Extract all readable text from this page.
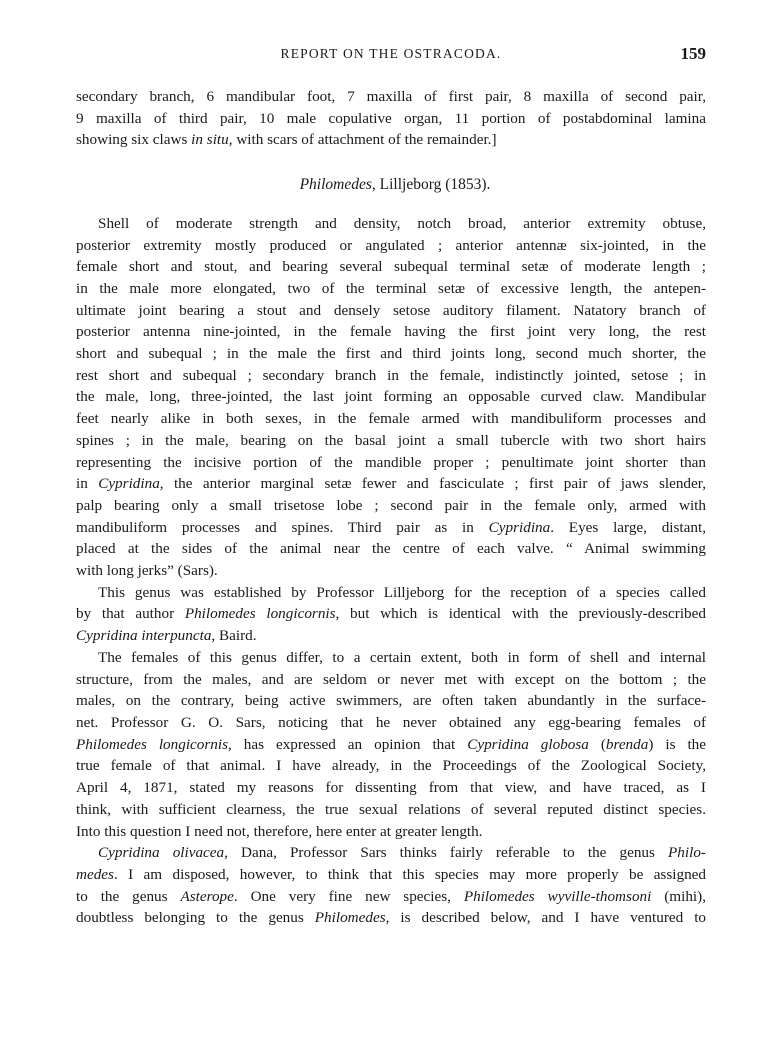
REPORT ON THE OSTRACODA.	159

secondary branch, 6 mandibular foot, 7 maxilla of first pair, 8 maxilla of second pair,
9 maxilla of third pair, 10 male copulative organ, 11 portion of postabdominal lamina
showing six claws in situ, with scars of attachment of the remainder.]

Philomedes, Lilljeborg (1853).

Shell of moderate strength and density, notch broad, anterior extremity obtuse,
posterior extremity mostly produced or angulated ; anterior antennæ six-jointed, in the
female short and stout, and bearing several subequal terminal setæ of moderate length ;
in the male more elongated, two of the terminal setæ of excessive length, the antepen-
ultimate joint bearing a stout and densely setose auditory filament. Natatory branch of
posterior antenna nine-jointed, in the female having the first joint very long, the rest
short and subequal ; in the male the first and third joints long, second much shorter, the
rest short and subequal ; secondary branch in the female, indistinctly jointed, setose ; in
the male, long, three-jointed, the last joint forming an opposable curved claw. Mandibular
feet nearly alike in both sexes, in the female armed with mandibuliform processes and
spines ; in the male, bearing on the basal joint a small tubercle with two short hairs
representing the incisive portion of the mandible proper ; penultimate joint shorter than
in Cypridina, the anterior marginal setæ fewer and fasciculate ; first pair of jaws slender,
palp bearing only a small trisetose lobe ; second pair in the female only, armed with
mandibuliform processes and spines. Third pair as in Cypridina. Eyes large, distant,
placed at the sides of the animal near the centre of each valve. “ Animal swimming
with long jerks” (Sars).

This genus was established by Professor Lilljeborg for the reception of a species called
by that author Philomedes longicornis, but which is identical with the previously-described
Cypridina interpuncta, Baird.

The females of this genus differ, to a certain extent, both in form of shell and internal
structure, from the males, and are seldom or never met with except on the bottom ; the
males, on the contrary, being active swimmers, are often taken abundantly in the surface-
net. Professor G. O. Sars, noticing that he never obtained any egg-bearing females of
Philomedes longicornis, has expressed an opinion that Cypridina globosa (brenda) is the
true female of that animal. I have already, in the Proceedings of the Zoological Society,
April 4, 1871, stated my reasons for dissenting from that view, and have traced, as I
think, with sufficient clearness, the true sexual relations of several reputed distinct species.
Into this question I need not, therefore, here enter at greater length.

Cypridina olivacea, Dana, Professor Sars thinks fairly referable to the genus Philo-
medes. I am disposed, however, to think that this species may more properly be assigned
to the genus Asterope. One very fine new species, Philomedes wyville-thomsoni (mihi),
doubtless belonging to the genus Philomedes, is described below, and I have ventured to
